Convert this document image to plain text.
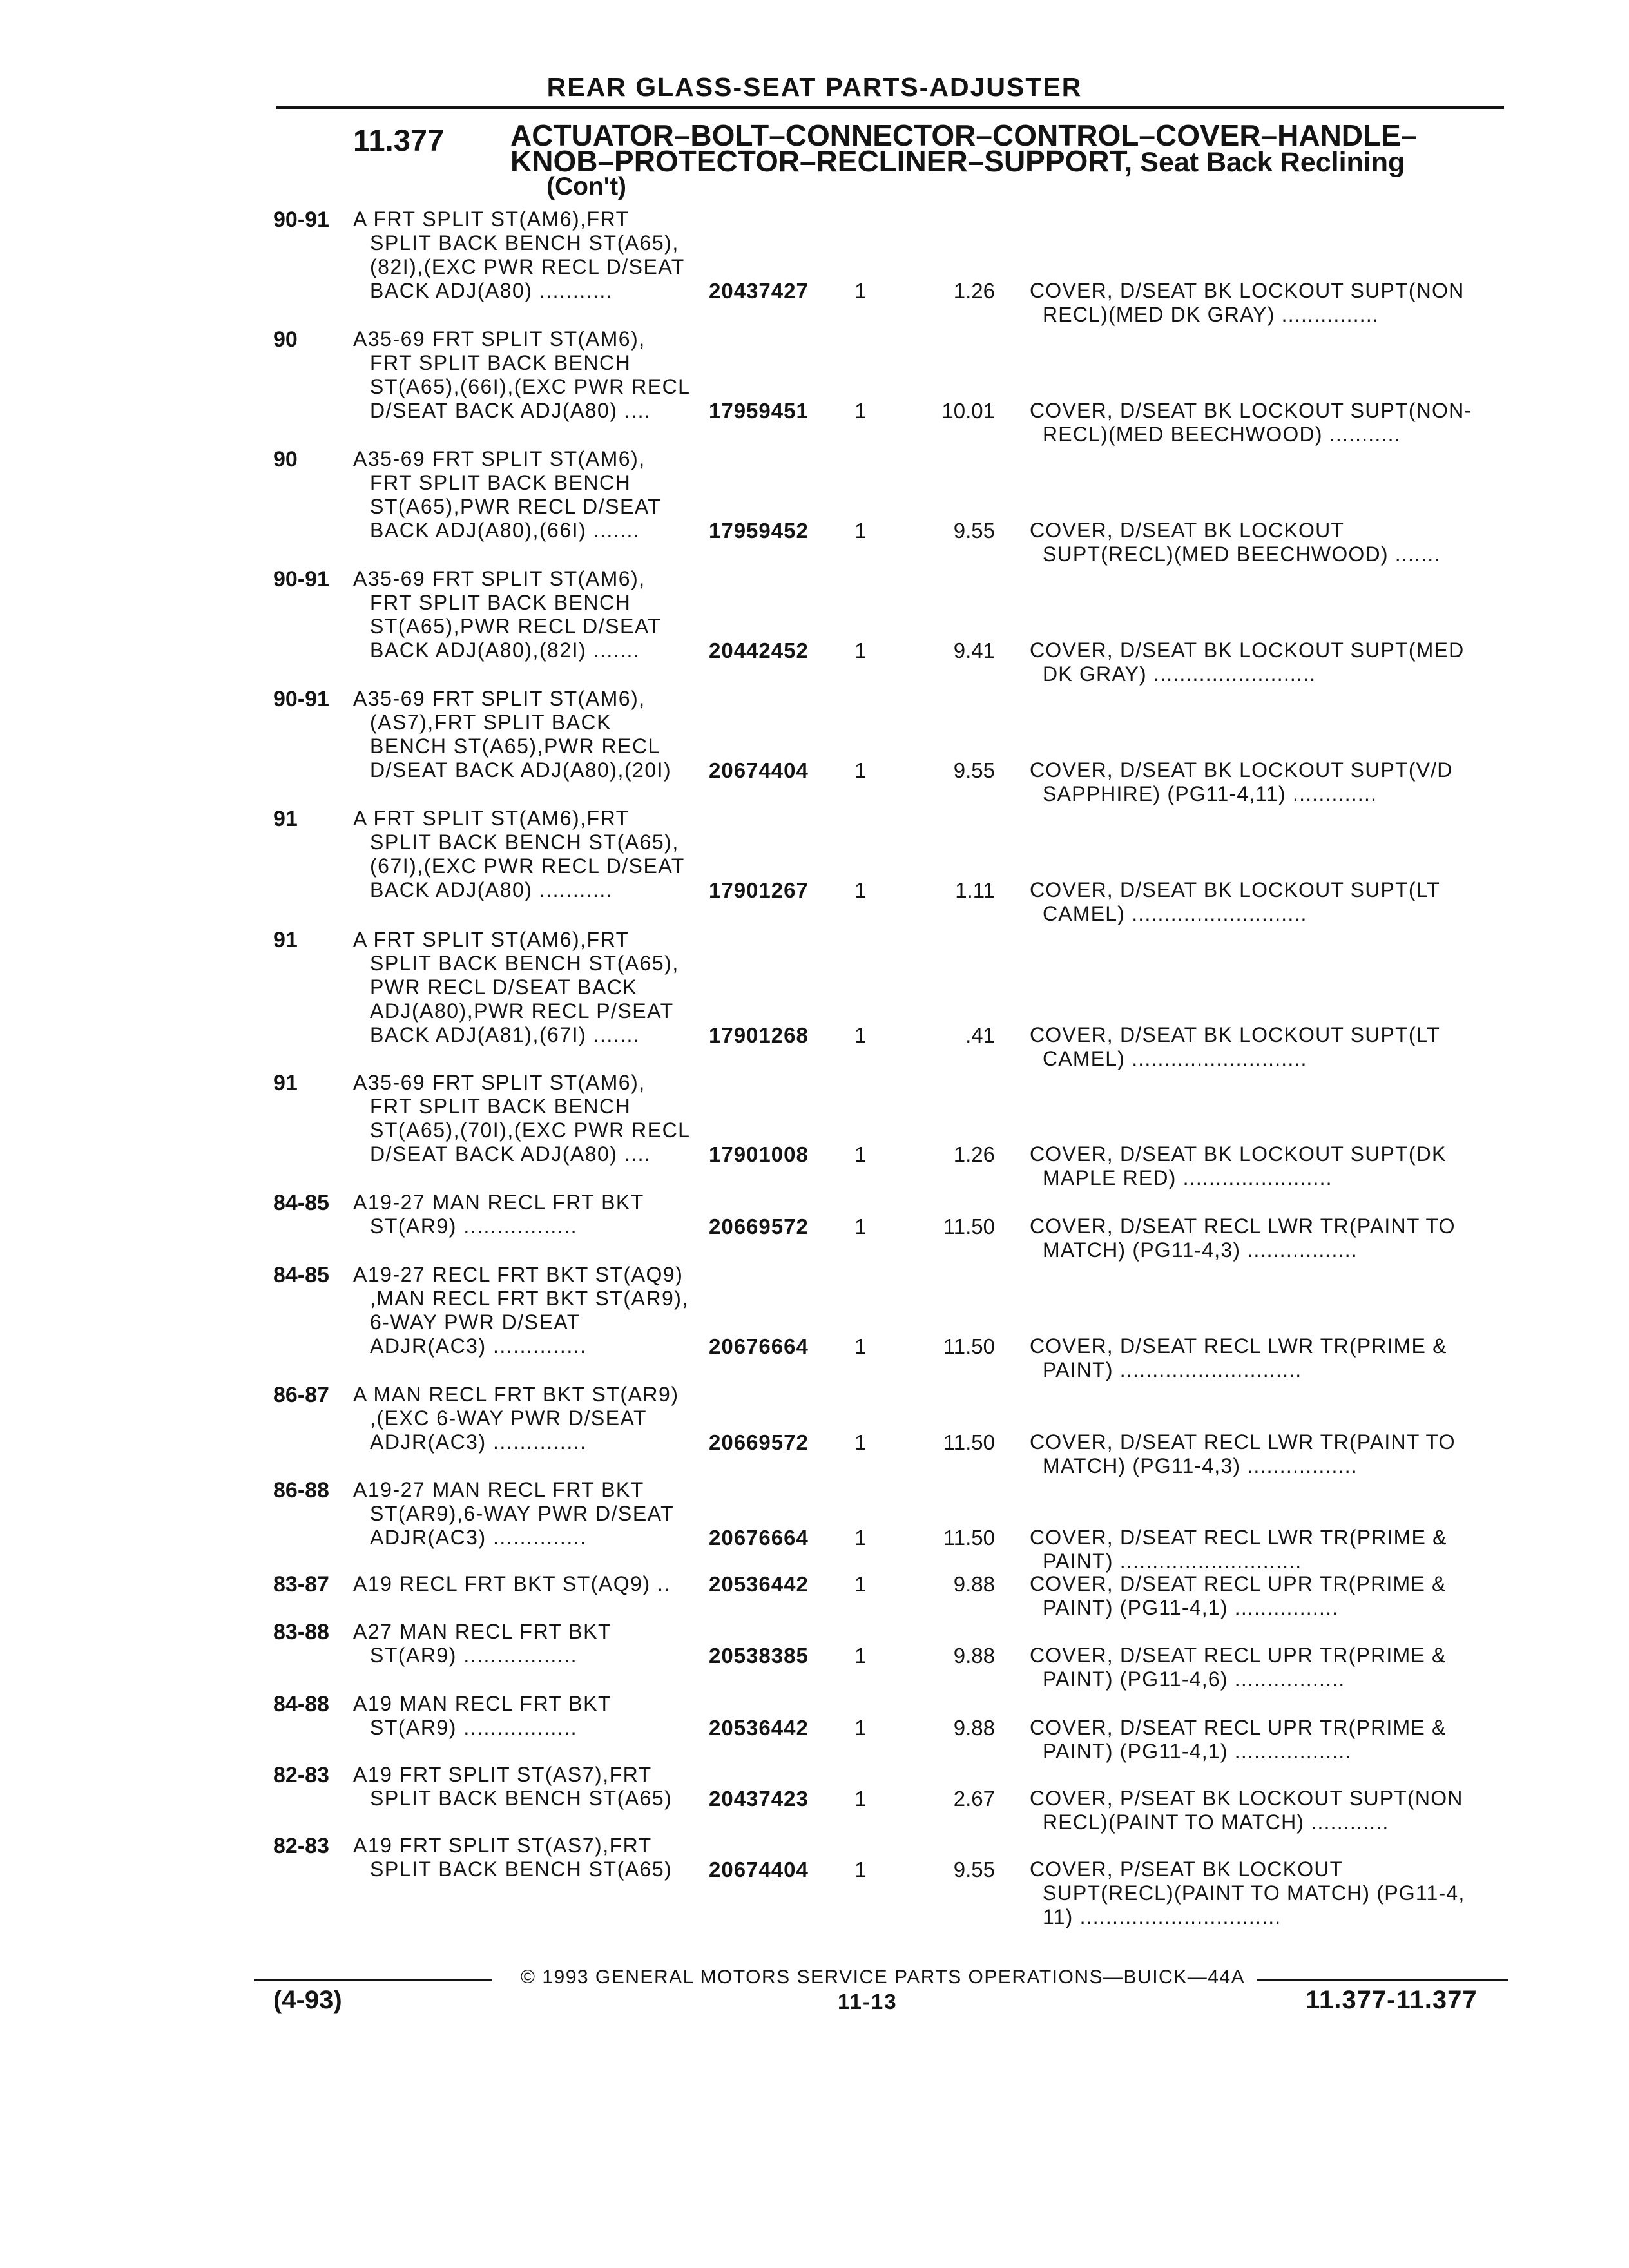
REAR GLASS-SEAT PARTS-ADJUSTER
11.377 ACTUATOR–BOLT–CONNECTOR–CONTROL–COVER–HANDLE–
KNOB–PROTECTOR–RECLINER–SUPPORT, Seat Back Reclining
(Con't)
90-91 A FRT SPLIT ST(AM6),FRT
SPLIT BACK BENCH ST(A65),
(82I),(EXC PWR RECL D/SEAT
BACK ADJ(A80) ...........	20437427 1	1.26 COVER, D/SEAT BK LOCKOUT SUPT(NON
RECL)(MED DK GRAY) ...............
90	A35-69 FRT SPLIT ST(AM6),
FRT SPLIT BACK BENCH
ST(A65),(66I),(EXC PWR RECL
D/SEAT BACK ADJ(A80) ....	17959451 1	10.01 COVER, D/SEAT BK LOCKOUT SUPT(NON-
RECL)(MED BEECHWOOD) ...........
90	A35-69 FRT SPLIT ST(AM6),
FRT SPLIT BACK BENCH
ST(A65),PWR RECL D/SEAT
BACK ADJ(A80),(66I) .......	17959452 1	9.55 COVER, D/SEAT BK LOCKOUT
SUPT(RECL)(MED BEECHWOOD) .......
90-91 A35-69 FRT SPLIT ST(AM6),
FRT SPLIT BACK BENCH
ST(A65),PWR RECL D/SEAT
BACK ADJ(A80),(82I) .......	20442452 1	9.41 COVER, D/SEAT BK LOCKOUT SUPT(MED
DK GRAY) .........................
90-91 A35-69 FRT SPLIT ST(AM6),
(AS7),FRT SPLIT BACK
BENCH ST(A65),PWR RECL
D/SEAT BACK ADJ(A80),(20I)	20674404 1	9.55 COVER, D/SEAT BK LOCKOUT SUPT(V/D
SAPPHIRE) (PG11-4,11) .............
91	A FRT SPLIT ST(AM6),FRT
SPLIT BACK BENCH ST(A65),
(67I),(EXC PWR RECL D/SEAT
BACK ADJ(A80) ...........	17901267 1	1.11 COVER, D/SEAT BK LOCKOUT SUPT(LT
CAMEL) ...........................
91	A FRT SPLIT ST(AM6),FRT
SPLIT BACK BENCH ST(A65),
PWR RECL D/SEAT BACK
ADJ(A80),PWR RECL P/SEAT
BACK ADJ(A81),(67I) .......	17901268 1	.41 COVER, D/SEAT BK LOCKOUT SUPT(LT
CAMEL) ...........................
91	A35-69 FRT SPLIT ST(AM6),
FRT SPLIT BACK BENCH
ST(A65),(70I),(EXC PWR RECL
D/SEAT BACK ADJ(A80) ....	17901008 1	1.26 COVER, D/SEAT BK LOCKOUT SUPT(DK
MAPLE RED) .......................
84-85 A19-27 MAN RECL FRT BKT
ST(AR9) .................	20669572 1	11.50 COVER, D/SEAT RECL LWR TR(PAINT TO
MATCH) (PG11-4,3) .................
84-85 A19-27 RECL FRT BKT ST(AQ9)
,MAN RECL FRT BKT ST(AR9),
6-WAY PWR D/SEAT
ADJR(AC3) ..............	20676664 1	11.50 COVER, D/SEAT RECL LWR TR(PRIME &
PAINT) ............................
86-87 A MAN RECL FRT BKT ST(AR9)
,(EXC 6-WAY PWR D/SEAT
ADJR(AC3) ..............	20669572 1	11.50 COVER, D/SEAT RECL LWR TR(PAINT TO
MATCH) (PG11-4,3) .................
86-88 A19-27 MAN RECL FRT BKT
ST(AR9),6-WAY PWR D/SEAT
ADJR(AC3) ..............	20676664 1	11.50 COVER, D/SEAT RECL LWR TR(PRIME &
PAINT) ............................
83-87 A19 RECL FRT BKT ST(AQ9) ..	20536442 1	9.88 COVER, D/SEAT RECL UPR TR(PRIME &
PAINT) (PG11-4,1) ................
83-88 A27 MAN RECL FRT BKT
ST(AR9) .................	20538385 1	9.88 COVER, D/SEAT RECL UPR TR(PRIME &
PAINT) (PG11-4,6) .................
84-88 A19 MAN RECL FRT BKT
ST(AR9) .................	20536442 1	9.88 COVER, D/SEAT RECL UPR TR(PRIME &
PAINT) (PG11-4,1) ..................
82-83 A19 FRT SPLIT ST(AS7),FRT
SPLIT BACK BENCH ST(A65)	20437423 1	2.67 COVER, P/SEAT BK LOCKOUT SUPT(NON
RECL)(PAINT TO MATCH) ............
82-83 A19 FRT SPLIT ST(AS7),FRT
SPLIT BACK BENCH ST(A65)	20674404 1	9.55 COVER, P/SEAT BK LOCKOUT
SUPT(RECL)(PAINT TO MATCH) (PG11-4,
11) ...............................
© 1993 GENERAL MOTORS SERVICE PARTS OPERATIONS—BUICK—44A
(4-93)	11-13	11.377-11.377
